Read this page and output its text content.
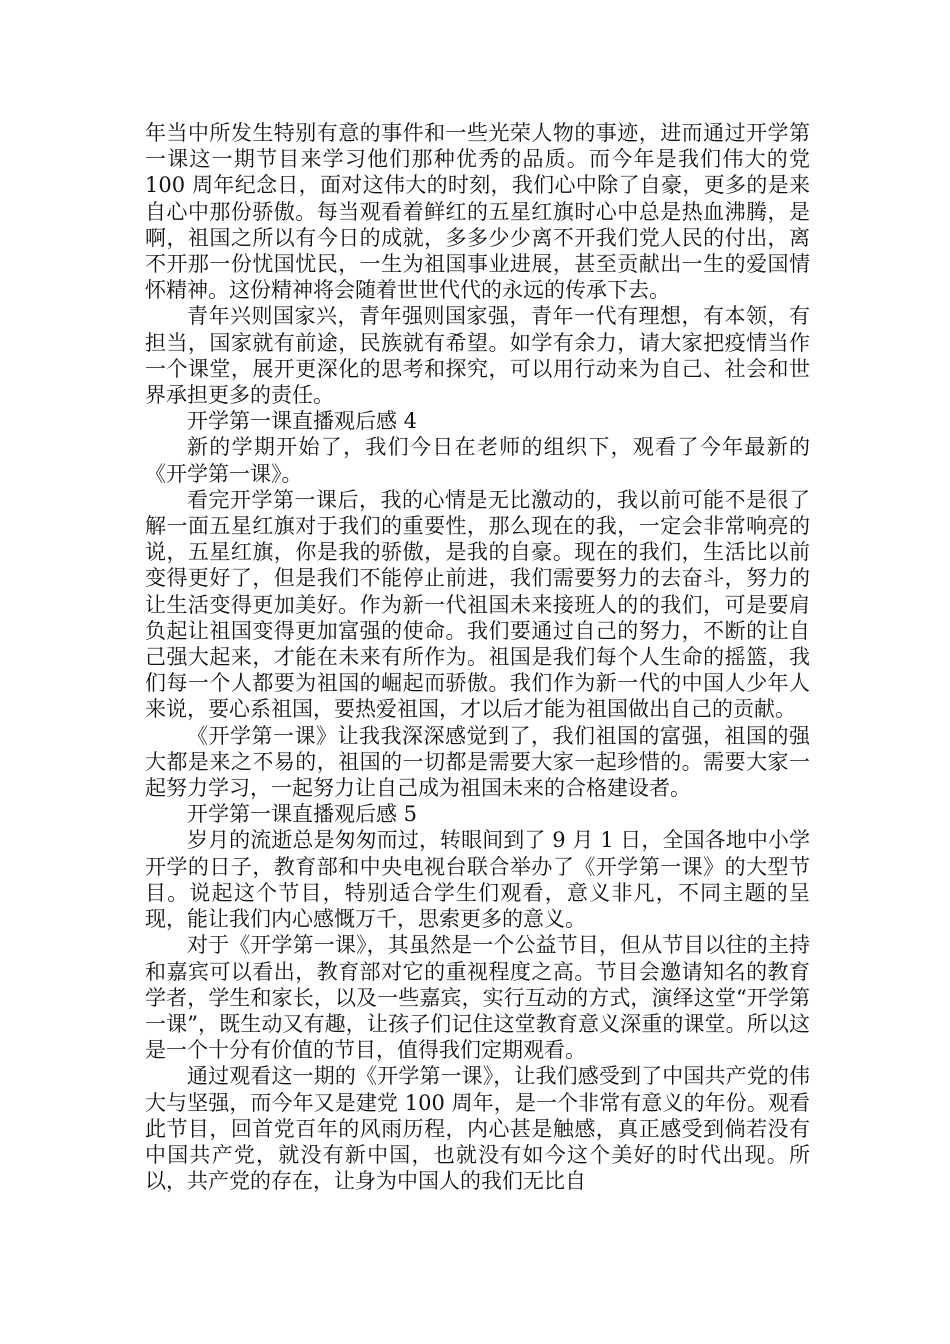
年当中所发生特别有意的事件和一些光荣人物的事迹，进而通过开学第一课这一期节目来学习他们那种优秀的品质。而今年是我们伟大的党 100 周年纪念日，面对这伟大的时刻，我们心中除了自豪，更多的是来自心中那份骄傲。每当观看着鲜红的五星红旗时心中总是热血沸腾，是啊，祖国之所以有今日的成就，多多少少离不开我们党人民的付出，离不开那一份忧国忧民，一生为祖国事业进展，甚至贡献出一生的爱国情怀精神。这份精神将会随着世世代代的永远的传承下去。

青年兴则国家兴，青年强则国家强，青年一代有理想，有本领，有担当，国家就有前途，民族就有希望。如学有余力，请大家把疫情当作一个课堂，展开更深化的思考和探究，可以用行动来为自己、社会和世界承担更多的责任。

开学第一课直播观后感 4

新的学期开始了，我们今日在老师的组织下，观看了今年最新的《开学第一课》。

看完开学第一课后，我的心情是无比激动的，我以前可能不是很了解一面五星红旗对于我们的重要性，那么现在的我，一定会非常响亮的说，五星红旗，你是我的骄傲，是我的自豪。现在的我们，生活比以前变得更好了，但是我们不能停止前进，我们需要努力的去奋斗，努力的让生活变得更加美好。作为新一代祖国未来接班人的的我们，可是要肩负起让祖国变得更加富强的使命。我们要通过自己的努力，不断的让自己强大起来，才能在未来有所作为。祖国是我们每个人生命的摇篮，我们每一个人都要为祖国的崛起而骄傲。我们作为新一代的中国人少年人来说，要心系祖国，要热爱祖国，才以后才能为祖国做出自己的贡献。

《开学第一课》让我我深深感觉到了，我们祖国的富强，祖国的强大都是来之不易的，祖国的一切都是需要大家一起珍惜的。需要大家一起努力学习，一起努力让自己成为祖国未来的合格建设者。

开学第一课直播观后感 5

岁月的流逝总是匆匆而过，转眼间到了 9 月 1 日，全国各地中小学开学的日子，教育部和中央电视台联合举办了《开学第一课》的大型节目。说起这个节目，特别适合学生们观看，意义非凡，不同主题的呈现，能让我们内心感慨万千，思索更多的意义。

对于《开学第一课》，其虽然是一个公益节目，但从节目以往的主持和嘉宾可以看出，教育部对它的重视程度之高。节目会邀请知名的教育学者，学生和家长，以及一些嘉宾，实行互动的方式，演绎这堂“开学第一课”，既生动又有趣，让孩子们记住这堂教育意义深重的课堂。所以这是一个十分有价值的节目，值得我们定期观看。

通过观看这一期的《开学第一课》，让我们感受到了中国共产党的伟大与坚强，而今年又是建党 100 周年，是一个非常有意义的年份。观看此节目，回首党百年的风雨历程，内心甚是触感，真正感受到倘若没有中国共产党，就没有新中国，也就没有如今这个美好的时代出现。所以，共产党的存在，让身为中国人的我们无比自
